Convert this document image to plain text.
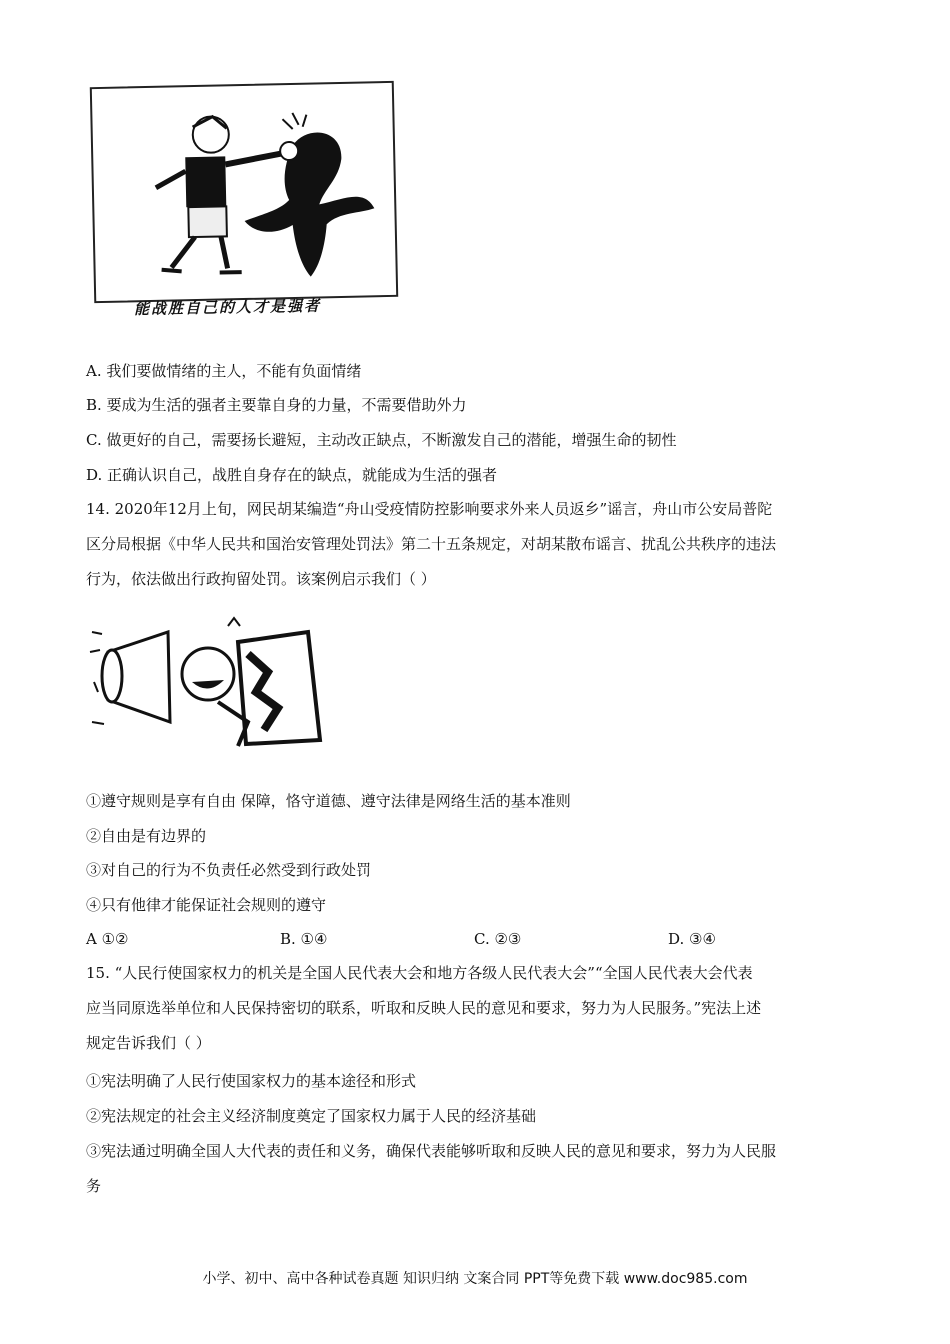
能战胜自己的人才是强者
A. 我们要做情绪的主人，不能有负面情绪
B. 要成为生活的强者主要靠自身的力量，不需要借助外力
C. 做更好的自己，需要扬长避短，主动改正缺点，不断激发自己的潜能，增强生命的韧性
D. 正确认识自己，战胜自身存在的缺点，就能成为生活的强者
14. 2020年12月上旬，网民胡某编造“舟山受疫情防控影响要求外来人员返乡”谣言，舟山市公安局普陀
区分局根据《中华人民共和国治安管理处罚法》第二十五条规定，对胡某散布谣言、扰乱公共秩序的违法
行为，依法做出行政拘留处罚。该案例启示我们（ ）
①遵守规则是享有自由 保障，恪守道德、遵守法律是网络生活的基本准则
②自由是有边界的
③对自己的行为不负责任必然受到行政处罚
④只有他律才能保证社会规则的遵守
A ①②	B. ①④	C. ②③	D. ③④
15. “人民行使国家权力的机关是全国人民代表大会和地方各级人民代表大会”“全国人民代表大会代表
应当同原选举单位和人民保持密切的联系，听取和反映人民的意见和要求，努力为人民服务。”宪法上述
规定告诉我们（ ）
①宪法明确了人民行使国家权力的基本途径和形式
②宪法规定的社会主义经济制度奠定了国家权力属于人民的经济基础
③宪法通过明确全国人大代表的责任和义务，确保代表能够听取和反映人民的意见和要求，努力为人民服
务
小学、初中、高中各种试卷真题 知识归纳 文案合同 PPT等免费下载 www.doc985.com
